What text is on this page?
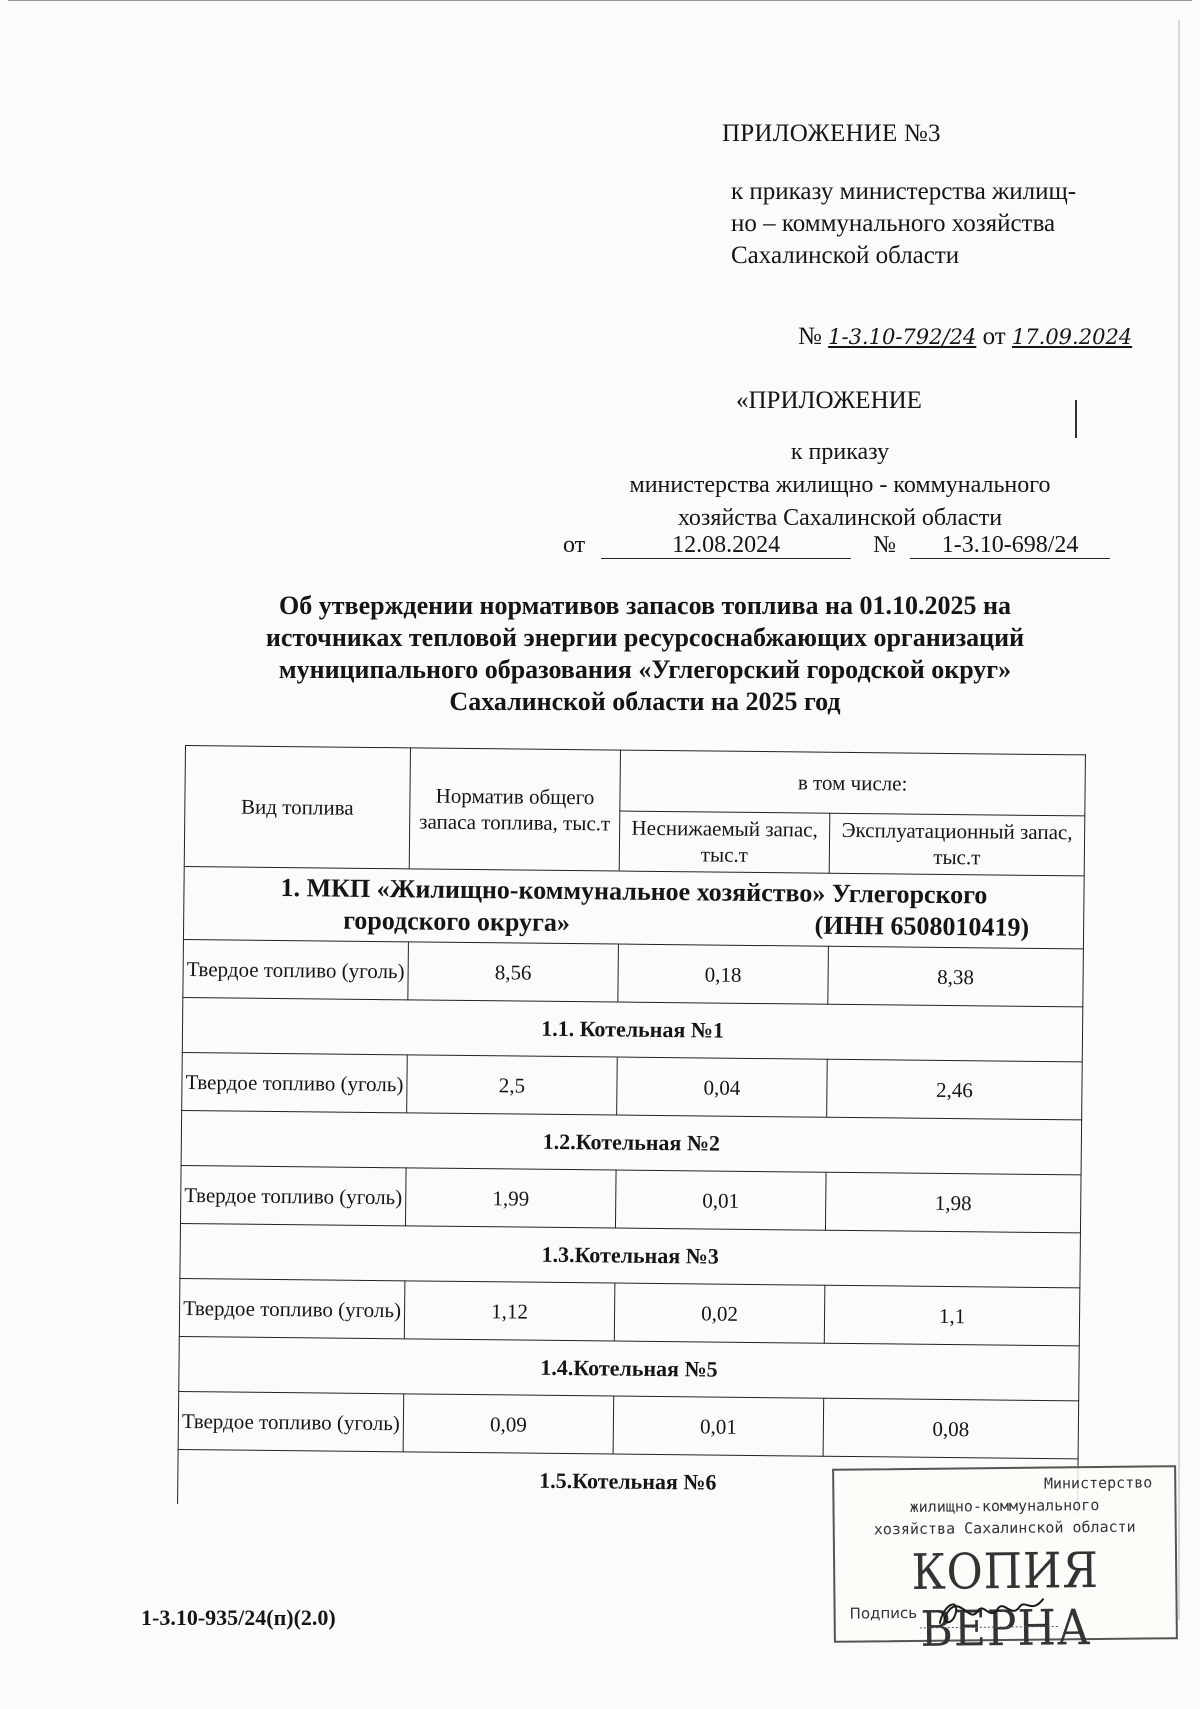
ПРИЛОЖЕНИЕ №3
к приказу министерства жилищ-
но – коммунального хозяйства
Сахалинской области
№ 1-3.10-792/24 от 17.09.2024
«ПРИЛОЖЕНИЕ
к приказу
министерства жилищно - коммунального
хозяйства Сахалинской области
от	12.08.2024	№ 1-3.10-698/24
Об утверждении нормативов запасов топлива на 01.10.2025 на
источниках тепловой энергии ресурсоснабжающих организаций
муниципального образования «Углегорский городской округ»
Сахалинской области на 2025 год
Вид топлива	Норматив общего запаса топлива, тыс.т	в том числе:	
		Неснижаемый запас, тыс.т	Эксплуатационный запас, тыс.т

1. МКП «Жилищно-коммунальное хозяйство» Углегорского
городского округа» (ИНН 6508010419)			

Твердое топливо (уголь)	8,56	0,18	8,38
1.1. Котельная №1			
Твердое топливо (уголь)	2,5	0,04	2,46
1.2.Котельная №2			
Твердое топливо (уголь)	1,99	0,01	1,98
1.3.Котельная №3			
Твердое топливо (уголь)	1,12	0,02	1,1
1.4.Котельная №5			
Твердое топливо (уголь)	0,09	0,01	0,08
1.5.Котельная №6				Министерство
жилищно-коммунального
хозяйства Сахалинской области
КОПИЯ ВЕРНА
Подпись
1-3.10-935/24(п)(2.0)
